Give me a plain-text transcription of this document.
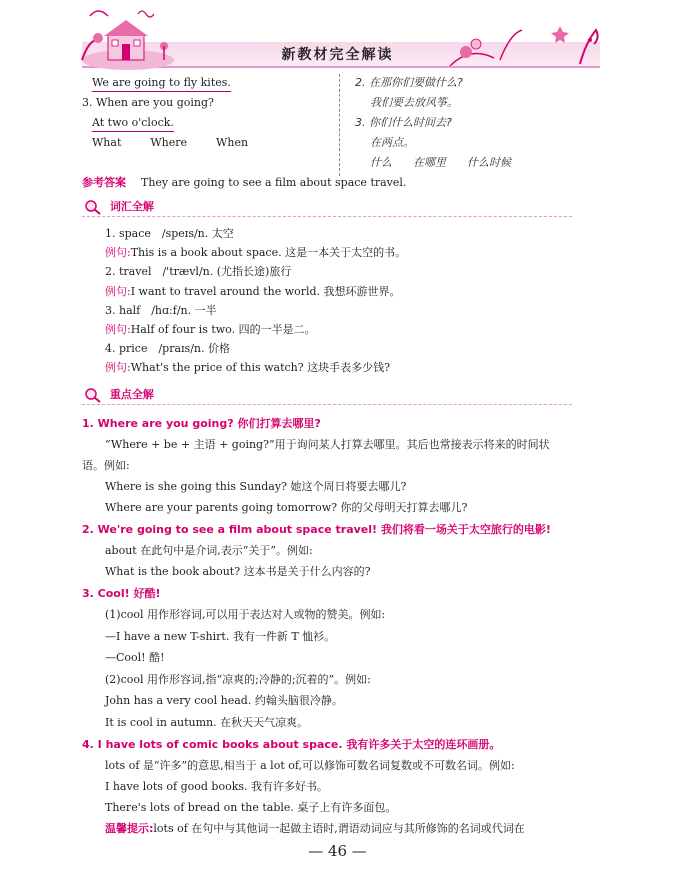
新教材完全解读
We are going to fly kites.
3. When are you going?
At two o'clock.
What	Where	When
2. 在那你们要做什么?
我们要去放风筝。
3. 你们什么时间去?
在两点。
什么 在哪里 什么时候
参考答案 They are going to see a film about space travel.
词汇全解
1. space　/speɪs/n. 太空
例句:This is a book about space. 这是一本关于太空的书。
2. travel　/'trævl/n. (尤指长途)旅行
例句:I want to travel around the world. 我想环游世界。
3. half　/hɑːf/n. 一半
例句:Half of four is two. 四的一半是二。
4. price　/praɪs/n. 价格
例句:What's the price of this watch? 这块手表多少钱?
重点全解
1. Where are you going? 你们打算去哪里?
“Where + be + 主语 + going?”用于询问某人打算去哪里。其后也常接表示将来的时间状
语。例如:
Where is she going this Sunday? 她这个周日将要去哪儿?
Where are your parents going tomorrow? 你的父母明天打算去哪儿?
2. We're going to see a film about space travel! 我们将看一场关于太空旅行的电影!
about 在此句中是介词,表示“关于”。例如:
What is the book about? 这本书是关于什么内容的?
3. Cool! 好酷!
(1)cool 用作形容词,可以用于表达对人或物的赞美。例如:
—I have a new T-shirt. 我有一件新 T 恤衫。
—Cool! 酷!
(2)cool 用作形容词,指“凉爽的;冷静的;沉着的”。例如:
John has a very cool head. 约翰头脑很冷静。
It is cool in autumn. 在秋天天气凉爽。
4. I have lots of comic books about space. 我有许多关于太空的连环画册。
lots of 是“许多”的意思,相当于 a lot of,可以修饰可数名词复数或不可数名词。例如:
I have lots of good books. 我有许多好书。
There's lots of bread on the table. 桌子上有许多面包。
温馨提示:lots of 在句中与其他词一起做主语时,谓语动词应与其所修饰的名词或代词在
— 46 —
